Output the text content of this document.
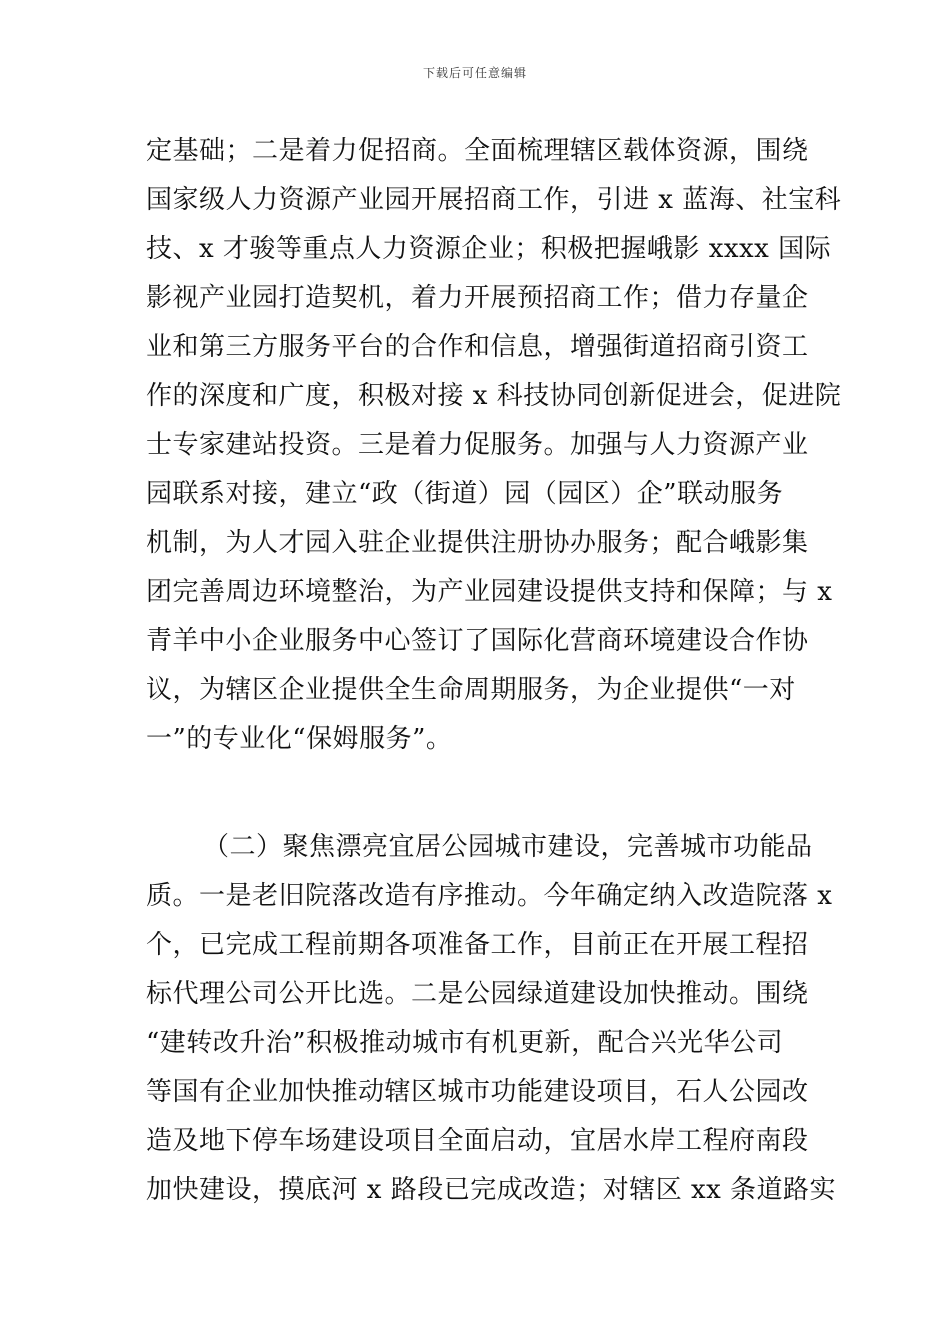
下载后可任意编辑
定基础；二是着力促招商。全面梳理辖区载体资源，围绕
国家级人力资源产业园开展招商工作，引进 x 蓝海、社宝科
技、x 才骏等重点人力资源企业；积极把握峨影 xxxx 国际
影视产业园打造契机，着力开展预招商工作；借力存量企
业和第三方服务平台的合作和信息，增强街道招商引资工
作的深度和广度，积极对接 x 科技协同创新促进会，促进院
士专家建站投资。三是着力促服务。加强与人力资源产业
园联系对接，建立“政（街道）园（园区）企”联动服务
机制，为人才园入驻企业提供注册协办服务；配合峨影集
团完善周边环境整治，为产业园建设提供支持和保障；与 x
青羊中小企业服务中心签订了国际化营商环境建设合作协
议，为辖区企业提供全生命周期服务，为企业提供“一对
一”的专业化“保姆服务”。
（二）聚焦漂亮宜居公园城市建设，完善城市功能品
质。一是老旧院落改造有序推动。今年确定纳入改造院落 x
个，已完成工程前期各项准备工作，目前正在开展工程招
标代理公司公开比选。二是公园绿道建设加快推动。围绕
“建转改升治”积极推动城市有机更新，配合兴光华公司
等国有企业加快推动辖区城市功能建设项目，石人公园改
造及地下停车场建设项目全面启动，宜居水岸工程府南段
加快建设，摸底河 x 路段已完成改造；对辖区 xx 条道路实
